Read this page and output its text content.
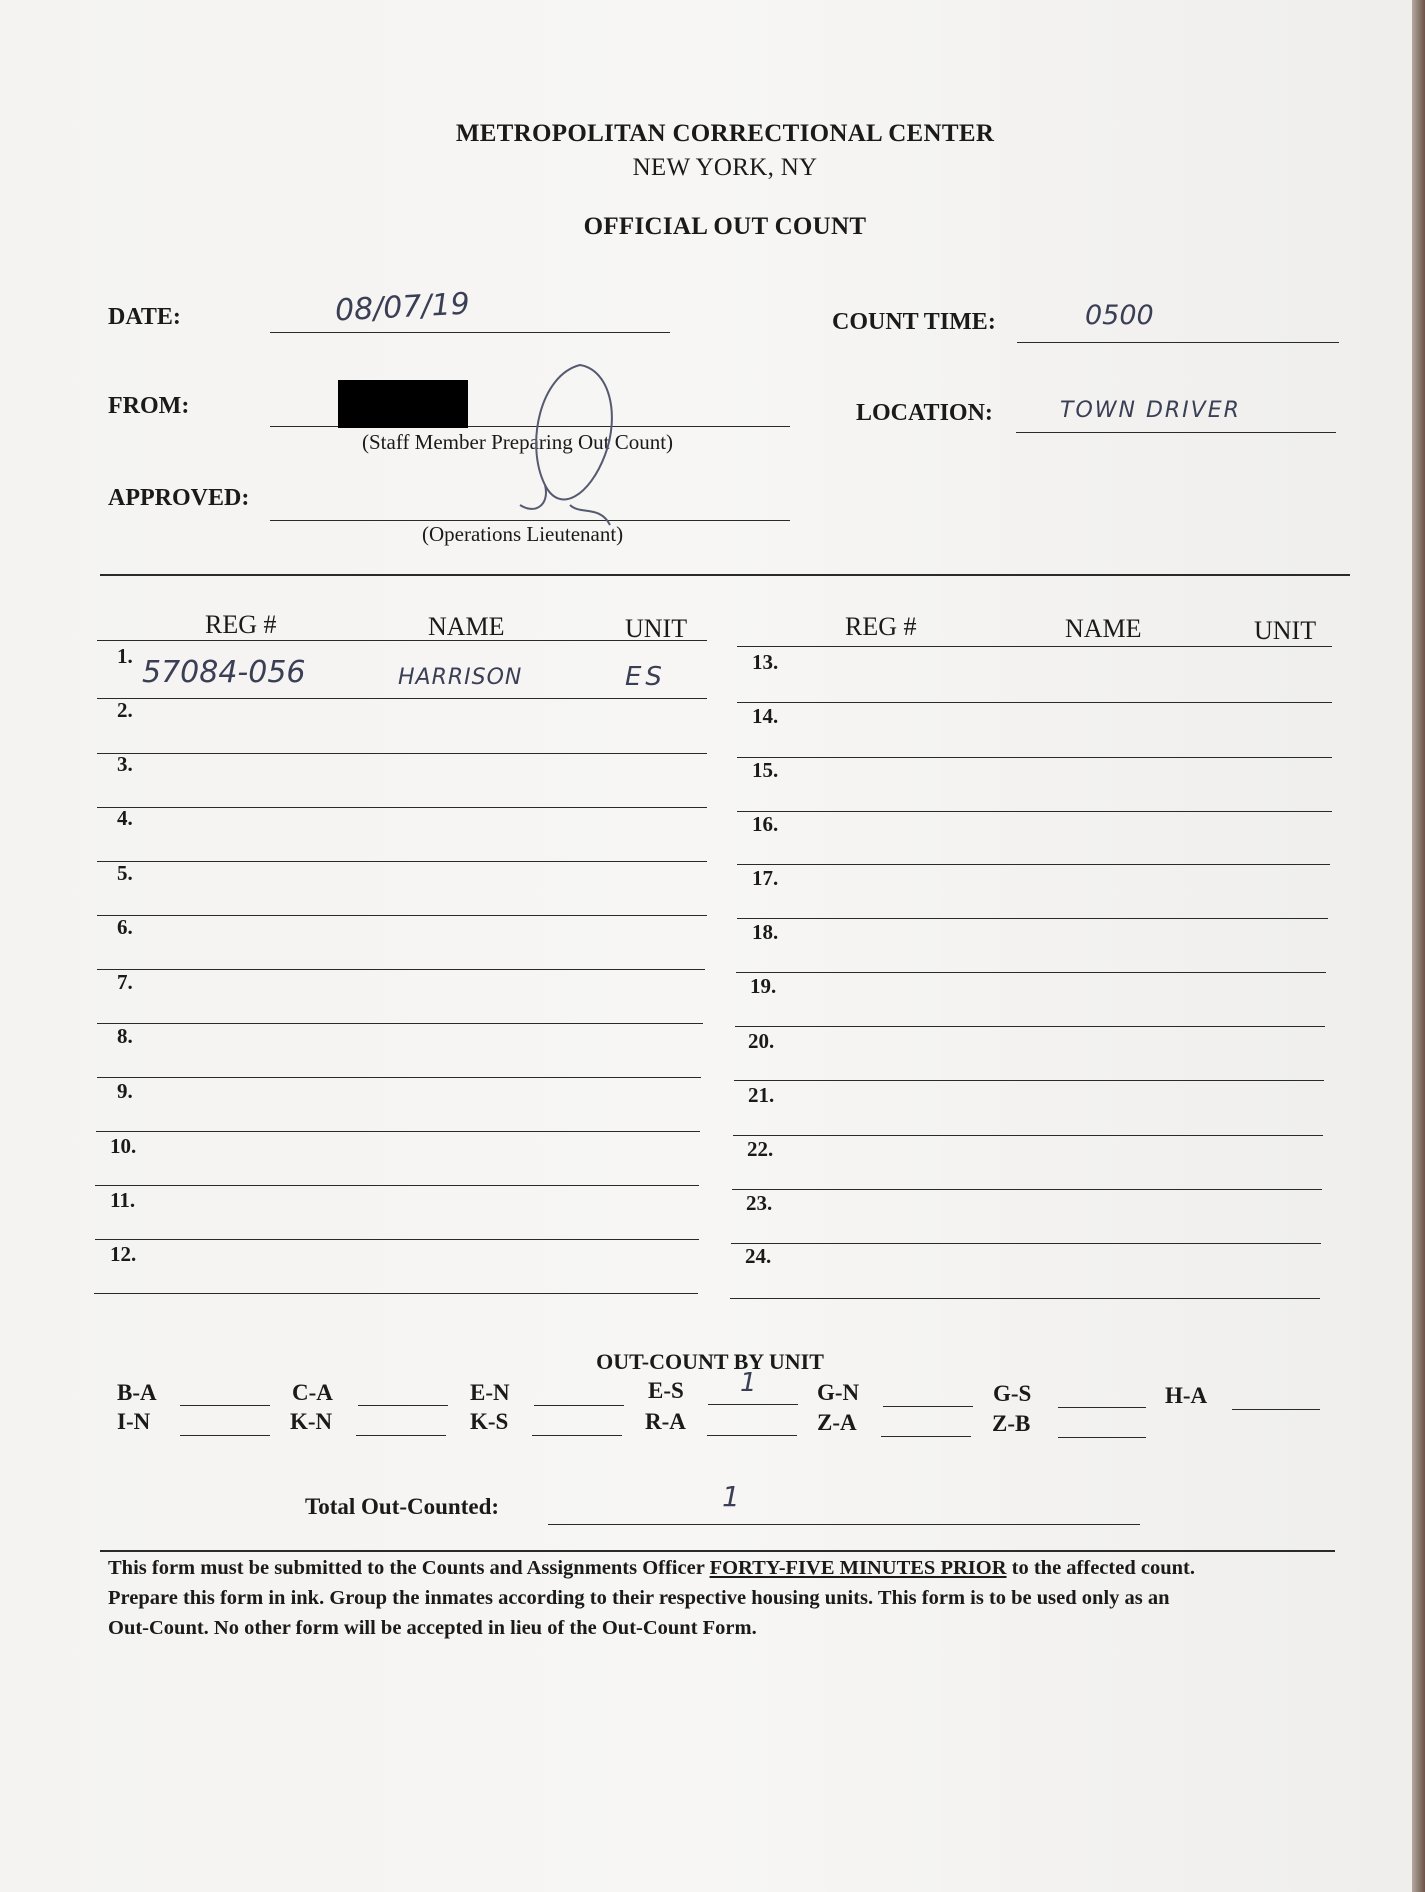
METROPOLITAN CORRECTIONAL CENTER
NEW YORK, NY
OFFICIAL OUT COUNT
DATE:	08/07/19	COUNT TIME:	0500
FROM:
(Staff Member Preparing Out Count)
LOCATION:	TOWN DRIVER
APPROVED:
(Operations Lieutenant)
REG #	NAME	UNIT	REG #	NAME	UNIT
1. 57084-056	HARRISON	ES
2.
3.
4.
5.
6.
7.
8.
9.
10.
11.
12.
13.
14.
15.
16.
17.
18.
19.
20.
21.
22.
23.
24.
OUT-COUNT BY UNIT
B-A	C-A	E-N	E-S 1	G-N	G-S	H-A
I-N	K-N	K-S	R-A	Z-A	Z-B
Total Out-Counted:	1
This form must be submitted to the Counts and Assignments Officer FORTY-FIVE MINUTES PRIOR to the affected count.
Prepare this form in ink. Group the inmates according to their respective housing units. This form is to be used only as an
Out-Count. No other form will be accepted in lieu of the Out-Count Form.
